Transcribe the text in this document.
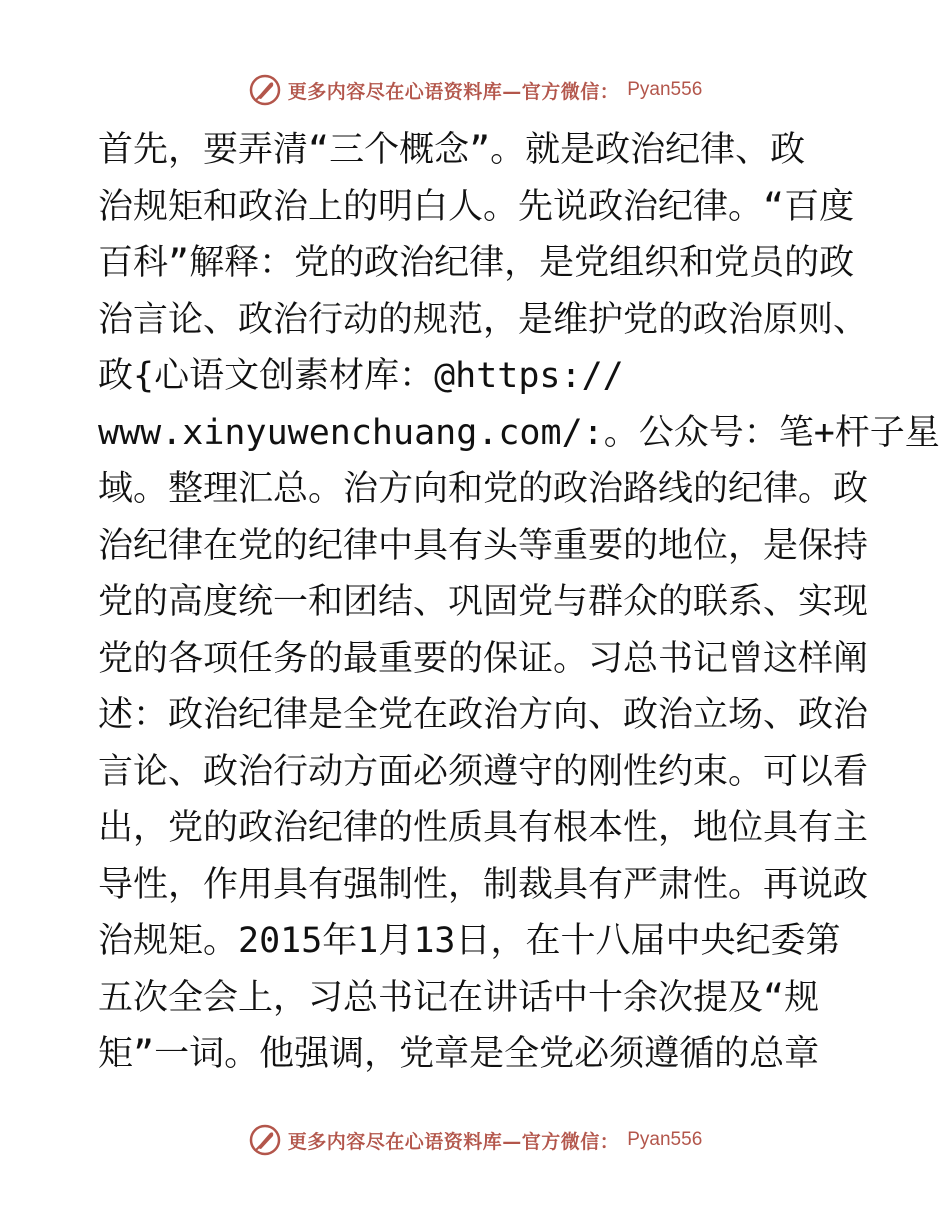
更多内容尽在心语资料库—官方微信： Pyan556
首先，要弄清“三个概念”。就是政治纪律、政
治规矩和政治上的明白人。先说政治纪律。“百度
百科”解释：党的政治纪律，是党组织和党员的政
治言论、政治行动的规范，是维护党的政治原则、
政{心语文创素材库：@https://
www.xinyuwenchuang.com/:。公众号：笔+杆子星
域。整理汇总。治方向和党的政治路线的纪律。政
治纪律在党的纪律中具有头等重要的地位，是保持
党的高度统一和团结、巩固党与群众的联系、实现
党的各项任务的最重要的保证。习总书记曾这样阐
述：政治纪律是全党在政治方向、政治立场、政治
言论、政治行动方面必须遵守的刚性约束。可以看
出，党的政治纪律的性质具有根本性，地位具有主
导性，作用具有强制性，制裁具有严肃性。再说政
治规矩。2015年1月13日，在十八届中央纪委第
五次全会上，习总书记在讲话中十余次提及“规
矩”一词。他强调，党章是全党必须遵循的总章
更多内容尽在心语资料库—官方微信： Pyan556
